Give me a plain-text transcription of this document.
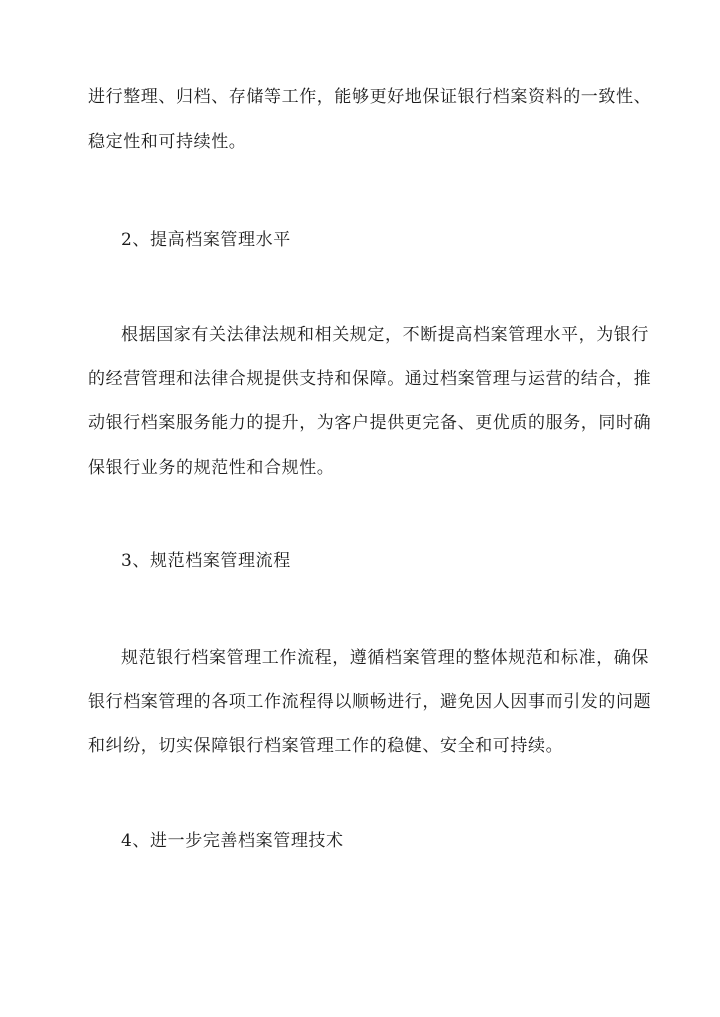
进行整理、归档、存储等工作，能够更好地保证银行档案资料的一致性、
稳定性和可持续性。
2、提高档案管理水平
根据国家有关法律法规和相关规定，不断提高档案管理水平，为银行
的经营管理和法律合规提供支持和保障。通过档案管理与运营的结合，推
动银行档案服务能力的提升，为客户提供更完备、更优质的服务，同时确
保银行业务的规范性和合规性。
3、规范档案管理流程
规范银行档案管理工作流程，遵循档案管理的整体规范和标准，确保
银行档案管理的各项工作流程得以顺畅进行，避免因人因事而引发的问题
和纠纷，切实保障银行档案管理工作的稳健、安全和可持续。
4、进一步完善档案管理技术
